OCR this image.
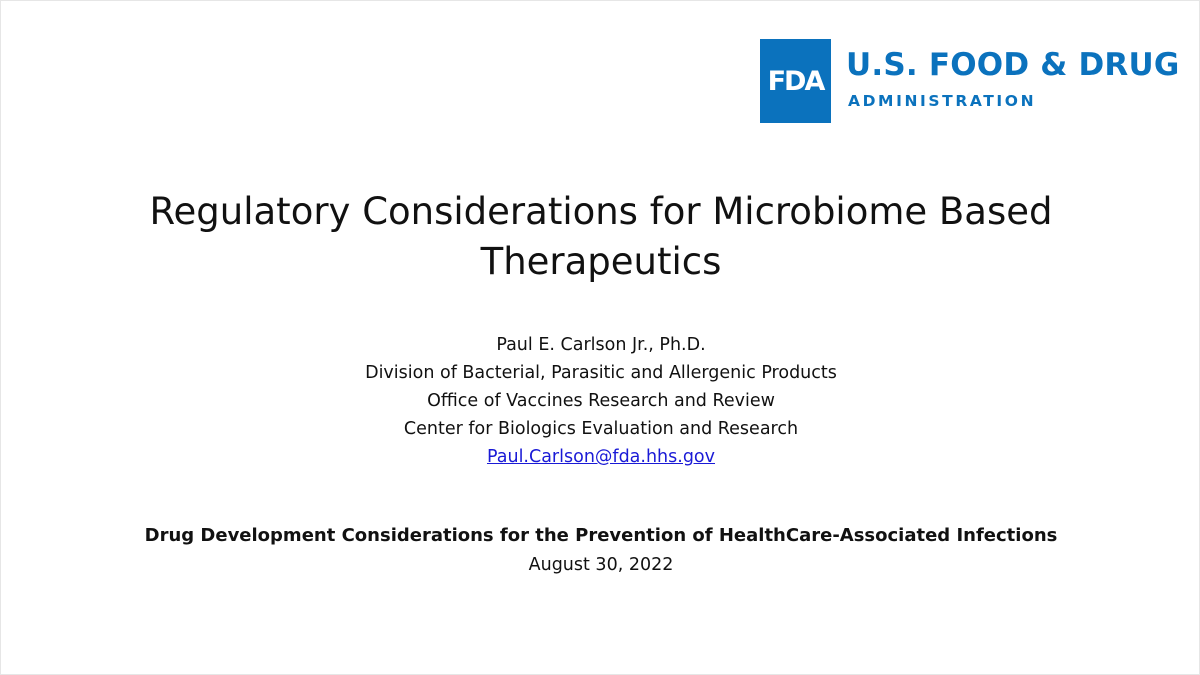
FDA U.S. FOOD & DRUG
ADMINISTRATION
Regulatory Considerations for Microbiome Based
Therapeutics
Paul E. Carlson Jr., Ph.D.
Division of Bacterial, Parasitic and Allergenic Products
Office of Vaccines Research and Review
Center for Biologics Evaluation and Research
Paul.Carlson@fda.hhs.gov
Drug Development Considerations for the Prevention of HealthCare-Associated Infections
August 30, 2022
